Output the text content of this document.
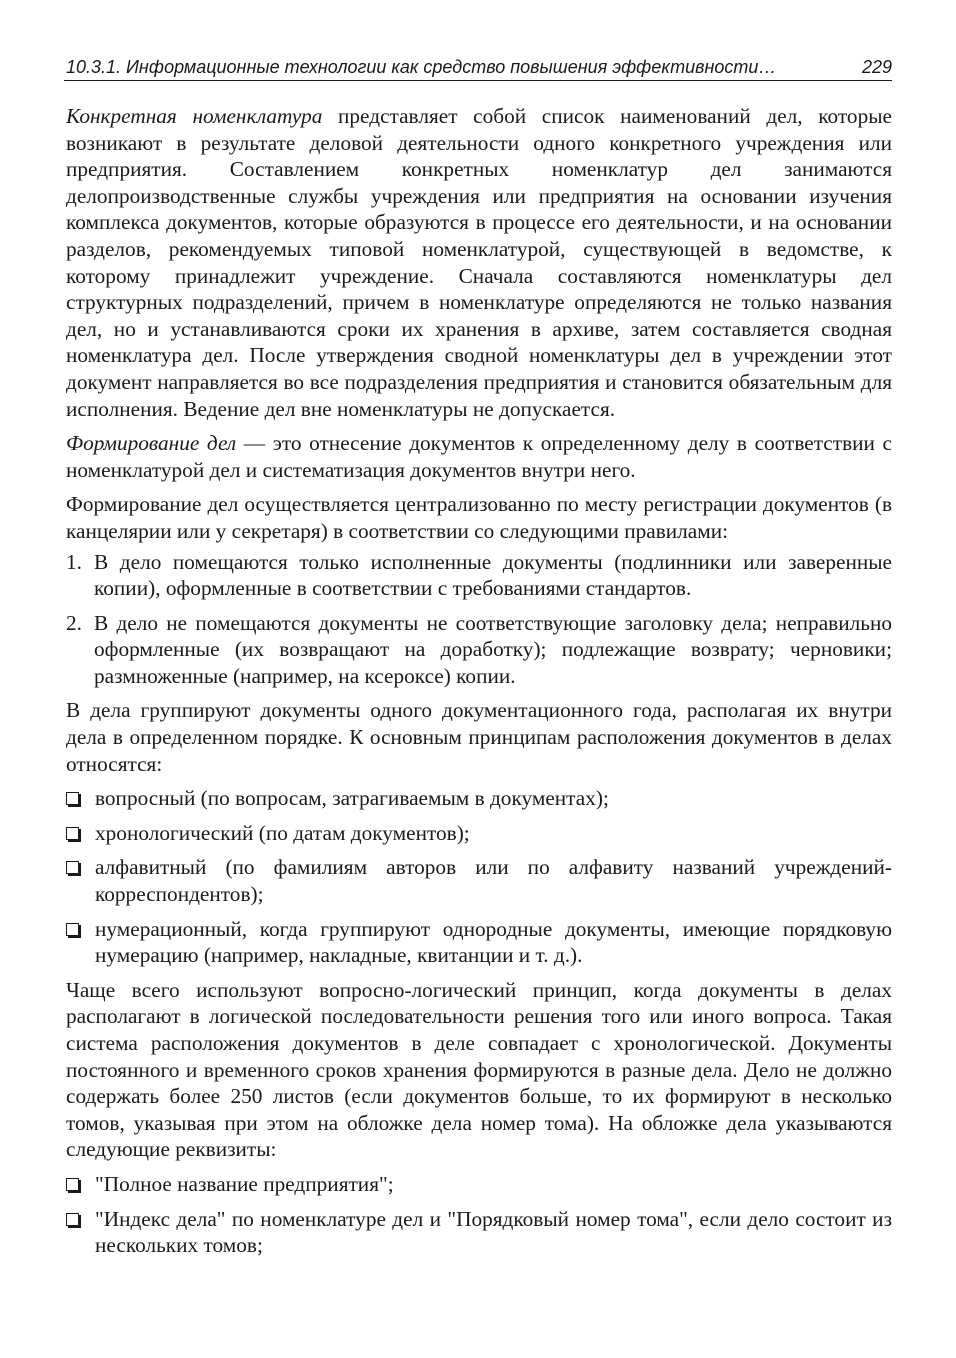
10.3.1. Информационные технологии как средство повышения эффективности…	229

Конкретная номенклатура представляет собой список наименований дел, которые возникают в результате деловой деятельности одного конкретного учреждения или предприятия. Составлением конкретных номенклатур дел занимаются делопроизводственные службы учреждения или предприятия на основании изучения комплекса документов, которые образуются в процессе его деятельности, и на основании разделов, рекомендуемых типовой номенклатурой, существующей в ведомстве, к которому принадлежит учреждение. Сначала составляются номенклатуры дел структурных подразделений, причем в номенклатуре определяются не только названия дел, но и устанавливаются сроки их хранения в архиве, затем составляется сводная номенклатура дел. После утверждения сводной номенклатуры дел в учреждении этот документ направляется во все подразделения предприятия и становится обязательным для исполнения. Ведение дел вне номенклатуры не допускается.

Формирование дел — это отнесение документов к определенному делу в соответствии с номенклатурой дел и систематизация документов внутри него.

Формирование дел осуществляется централизованно по месту регистрации документов (в канцелярии или у секретаря) в соответствии со следующими правилами:

1. В дело помещаются только исполненные документы (подлинники или заверенные копии), оформленные в соответствии с требованиями стандартов.
2. В дело не помещаются документы не соответствующие заголовку дела; неправильно оформленные (их возвращают на доработку); подлежащие возврату; черновики; размноженные (например, на ксероксе) копии.

В дела группируют документы одного документационного года, располагая их внутри дела в определенном порядке. К основным принципам расположения документов в делах относятся:

вопросный (по вопросам, затрагиваемым в документах);
хронологический (по датам документов);
алфавитный (по фамилиям авторов или по алфавиту названий учреждений-корреспондентов);
нумерационный, когда группируют однородные документы, имеющие порядковую нумерацию (например, накладные, квитанции и т. д.).

Чаще всего используют вопросно-логический принцип, когда документы в делах располагают в логической последовательности решения того или иного вопроса. Такая система расположения документов в деле совпадает с хронологической. Документы постоянного и временного сроков хранения формируются в разные дела. Дело не должно содержать более 250 листов (если документов больше, то их формируют в несколько томов, указывая при этом на обложке дела номер тома). На обложке дела указываются следующие реквизиты:

"Полное название предприятия";
"Индекс дела" по номенклатуре дел и "Порядковый номер тома", если дело состоит из нескольких томов;
